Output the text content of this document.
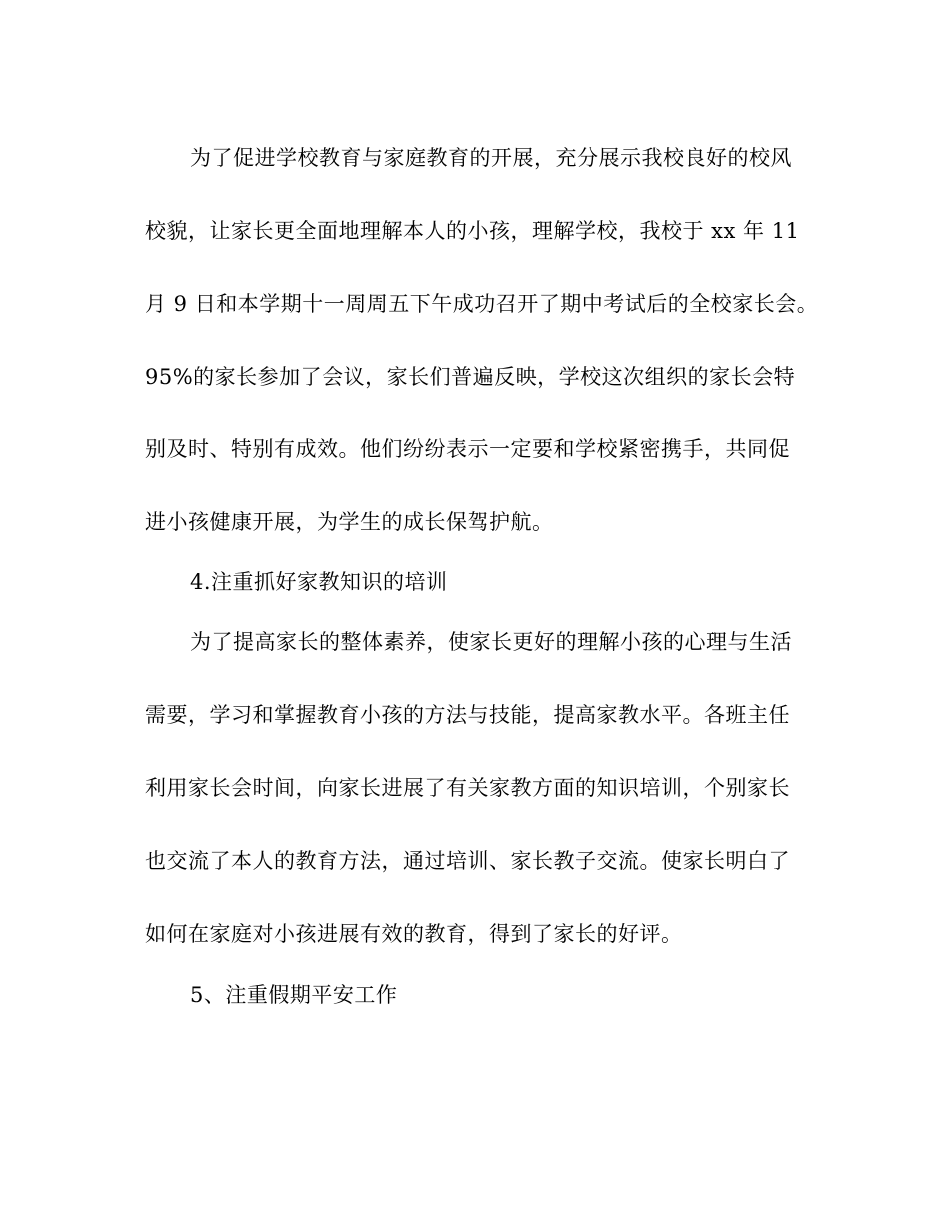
为了促进学校教育与家庭教育的开展，充分展示我校良好的校风
校貌，让家长更全面地理解本人的小孩，理解学校，我校于 xx 年 11
月 9 日和本学期十一周周五下午成功召开了期中考试后的全校家长会。
95%的家长参加了会议，家长们普遍反映，学校这次组织的家长会特
别及时、特别有成效。他们纷纷表示一定要和学校紧密携手，共同促
进小孩健康开展，为学生的成长保驾护航。
4.注重抓好家教知识的培训
为了提高家长的整体素养，使家长更好的理解小孩的心理与生活
需要，学习和掌握教育小孩的方法与技能，提高家教水平。各班主任
利用家长会时间，向家长进展了有关家教方面的知识培训，个别家长
也交流了本人的教育方法，通过培训、家长教子交流。使家长明白了
如何在家庭对小孩进展有效的教育，得到了家长的好评。
5、注重假期平安工作
